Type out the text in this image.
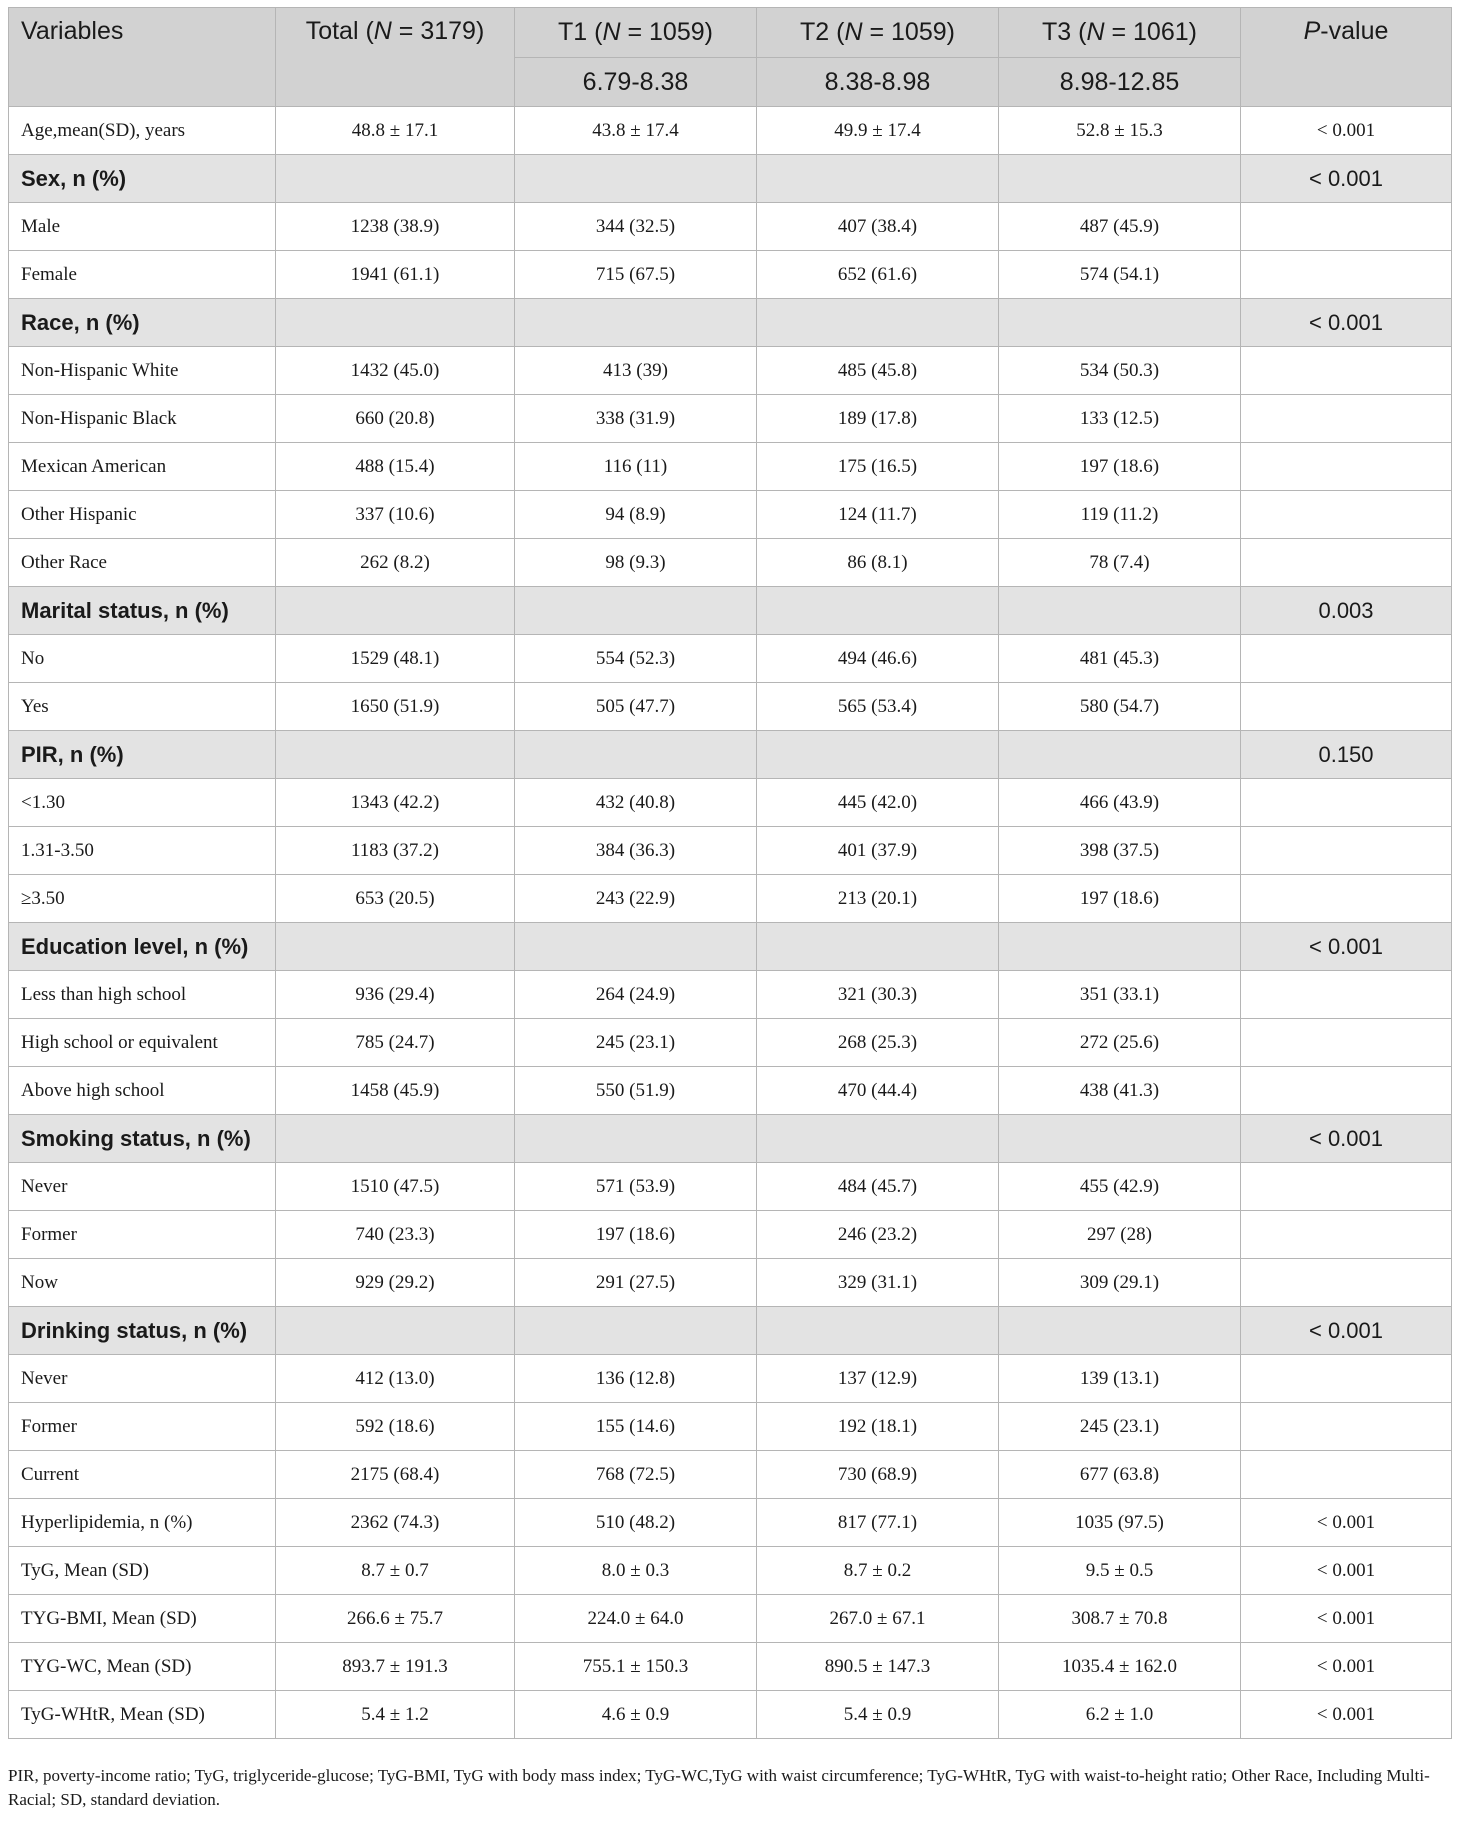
Variables	Total (N = 3179)	T1 (N = 1059)	T2 (N = 1059)	T3 (N = 1061)	P-value
		6.79-8.38	8.38-8.98	8.98-12.85	
Age,mean(SD), years	48.8 ± 17.1	43.8 ± 17.4	49.9 ± 17.4	52.8 ± 15.3	< 0.001
Sex, n (%)					< 0.001
Male	1238 (38.9)	344 (32.5)	407 (38.4)	487 (45.9)	
Female	1941 (61.1)	715 (67.5)	652 (61.6)	574 (54.1)	
Race, n (%)					< 0.001
Non-Hispanic White	1432 (45.0)	413 (39)	485 (45.8)	534 (50.3)	
Non-Hispanic Black	660 (20.8)	338 (31.9)	189 (17.8)	133 (12.5)	
Mexican American	488 (15.4)	116 (11)	175 (16.5)	197 (18.6)	
Other Hispanic	337 (10.6)	94 (8.9)	124 (11.7)	119 (11.2)	
Other Race	262 (8.2)	98 (9.3)	86 (8.1)	78 (7.4)	
Marital status, n (%)					0.003
No	1529 (48.1)	554 (52.3)	494 (46.6)	481 (45.3)	
Yes	1650 (51.9)	505 (47.7)	565 (53.4)	580 (54.7)	
PIR, n (%)					0.150
<1.30	1343 (42.2)	432 (40.8)	445 (42.0)	466 (43.9)	
1.31-3.50	1183 (37.2)	384 (36.3)	401 (37.9)	398 (37.5)	
≥3.50	653 (20.5)	243 (22.9)	213 (20.1)	197 (18.6)	
Education level, n (%)					< 0.001
Less than high school	936 (29.4)	264 (24.9)	321 (30.3)	351 (33.1)	
High school or equivalent	785 (24.7)	245 (23.1)	268 (25.3)	272 (25.6)	
Above high school	1458 (45.9)	550 (51.9)	470 (44.4)	438 (41.3)	
Smoking status, n (%)					< 0.001
Never	1510 (47.5)	571 (53.9)	484 (45.7)	455 (42.9)	
Former	740 (23.3)	197 (18.6)	246 (23.2)	297 (28)	
Now	929 (29.2)	291 (27.5)	329 (31.1)	309 (29.1)	
Drinking status, n (%)					< 0.001
Never	412 (13.0)	136 (12.8)	137 (12.9)	139 (13.1)	
Former	592 (18.6)	155 (14.6)	192 (18.1)	245 (23.1)	
Current	2175 (68.4)	768 (72.5)	730 (68.9)	677 (63.8)	
Hyperlipidemia, n (%)	2362 (74.3)	510 (48.2)	817 (77.1)	1035 (97.5)	< 0.001
TyG, Mean (SD)	8.7 ± 0.7	8.0 ± 0.3	8.7 ± 0.2	9.5 ± 0.5	< 0.001
TYG-BMI, Mean (SD)	266.6 ± 75.7	224.0 ± 64.0	267.0 ± 67.1	308.7 ± 70.8	< 0.001
TYG-WC, Mean (SD)	893.7 ± 191.3	755.1 ± 150.3	890.5 ± 147.3	1035.4 ± 162.0	< 0.001
TyG-WHtR, Mean (SD)	5.4 ± 1.2	4.6 ± 0.9	5.4 ± 0.9	6.2 ± 1.0	< 0.001
PIR, poverty-income ratio; TyG, triglyceride-glucose; TyG-BMI, TyG with body mass index; TyG-WC,TyG with waist circumference; TyG-WHtR, TyG with waist-to-height ratio; Other Race, Including Multi-Racial; SD, standard deviation.
